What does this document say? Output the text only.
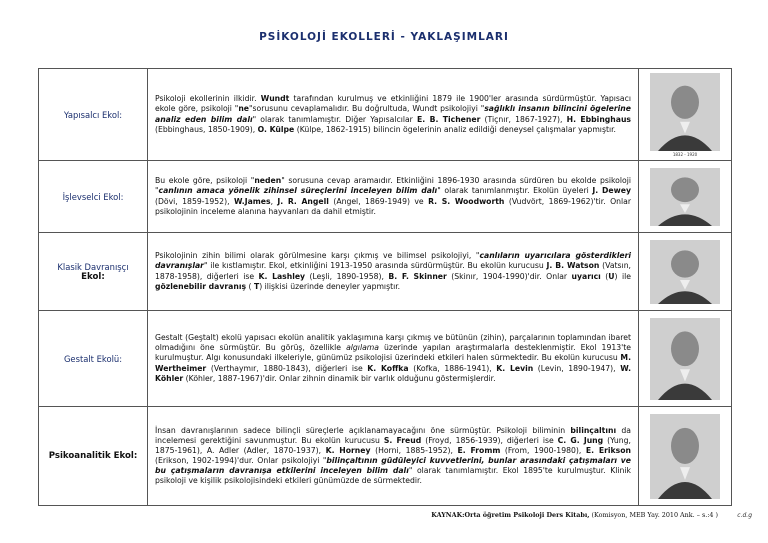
PSİKOLOJİ EKOLLERİ - YAKLAŞIMLARI
Yapısalcı Ekol:	Psikoloji ekollerinin ilkidir. Wundt tarafından kurulmuş ve etkinliğini 1879 ile 1900'ler arasında sürdürmüştür. Yapısacı ekole göre, psikoloji "ne"sorusunu cevaplamalıdır. Bu doğrultuda, Wundt psikolojiyi "sağlıklı insanın bilincini ögelerine analiz eden bilim dalı" olarak tanımlamıştır. Diğer Yapısalcılar E. B. Tichener (Tiçnır, 1867-1927), H. Ebbinghaus (Ebbinghaus, 1850-1909), O. Külpe (Külpe, 1862-1915) bilincin ögelerinin analiz edildiği deneysel çalışmalar yapmıştır.	1832 - 1920

İşlevselci Ekol:	Bu ekole göre, psikoloji "neden" sorusuna cevap aramaıdır. Etkinliğini 1896-1930 arasında sürdüren bu ekolde psikoloji "canlının amaca yönelik zihinsel süreçlerini inceleyen bilim dalı" olarak tanımlanmıştır. Ekolün üyeleri J. Dewey (Dövi, 1859-1952), W.James, J. R. Angell (Angel, 1869-1949) ve R. S. Woodworth (Vudvört, 1869-1962)'tir. Onlar psikolojinin inceleme alanına hayvanları da dahil etmiştir.	

Klasik Davranışçı
Ekol:	Psikolojinin zihin bilimi olarak görülmesine karşı çıkmış ve bilimsel psikolojiyi, "canlıların uyarıcılara gösterdikleri davranışlar" ile kıstlamıştır. Ekol, etkinliğini 1913-1950 arasında sürdürmüştür. Bu ekolün kurucusu J. B. Watson (Vatsın, 1878-1958), diğerleri ise K. Lashley (Leşli, 1890-1958), B. F. Skinner (Skinır, 1904-1990)'dir. Onlar uyarıcı (U) ile gözlenebilir davranış ( T) ilişkisi üzerinde deneyler yapmıştır.	

Gestalt Ekolü:	Gestalt (Geştalt) ekolü yapısacı ekolün analitik yaklaşımına karşı çıkmış ve bütünün (zihin), parçalarının toplamından ibaret olmadığını öne sürmüştür. Bu görüş, özellikle algılama üzerinde yapılan araştırmalarla desteklenmiştir. Ekol 1913'te kurulmuştur. Algı konusundaki ilkeleriyle, günümüz psikolojisi üzerindeki etkileri halen sürmektedir. Bu ekolün kurucusu M. Wertheimer (Verthaymır, 1880-1843), diğerleri ise K. Koffka (Kofka, 1886-1941), K. Levin (Levin, 1890-1947), W. Köhler (Köhler, 1887-1967)'dir. Onlar zihnin dinamik bir varlık olduğunu göstermişlerdir.	

Psikoanalitik Ekol:	İnsan davranışlarının sadece bilinçli süreçlerle açıklanamayacağını öne sürmüştür. Psikoloji biliminin bilinçaltını da incelemesi gerektiğini savunmuştur. Bu ekolün kurucusu S. Freud (Froyd, 1856-1939), diğerleri ise C. G. Jung (Yung, 1875-1961), A. Adler (Adler, 1870-1937), K. Horney (Horni, 1885-1952), E. Fromm (From, 1900-1980), E. Erikson (Erikson, 1902-1994)'dur. Onlar psikolojiyi "bilinçaltının güdüleyici kuvvetlerini, bunlar arasındaki çatışmaları ve bu çatışmaların davranışa etkilerini inceleyen bilim dalı" olarak tanımlamıştır. Ekol 1895'te kurulmuştur. Klinik psikoloji ve kişilik psikolojisindeki etkileri günümüzde de sürmektedir.	
KAYNAK:Orta öğretim Psikoloji Ders Kitabı, (Komisyon, MEB Yay. 2010 Ank. – s.:4 )	c.d.g
